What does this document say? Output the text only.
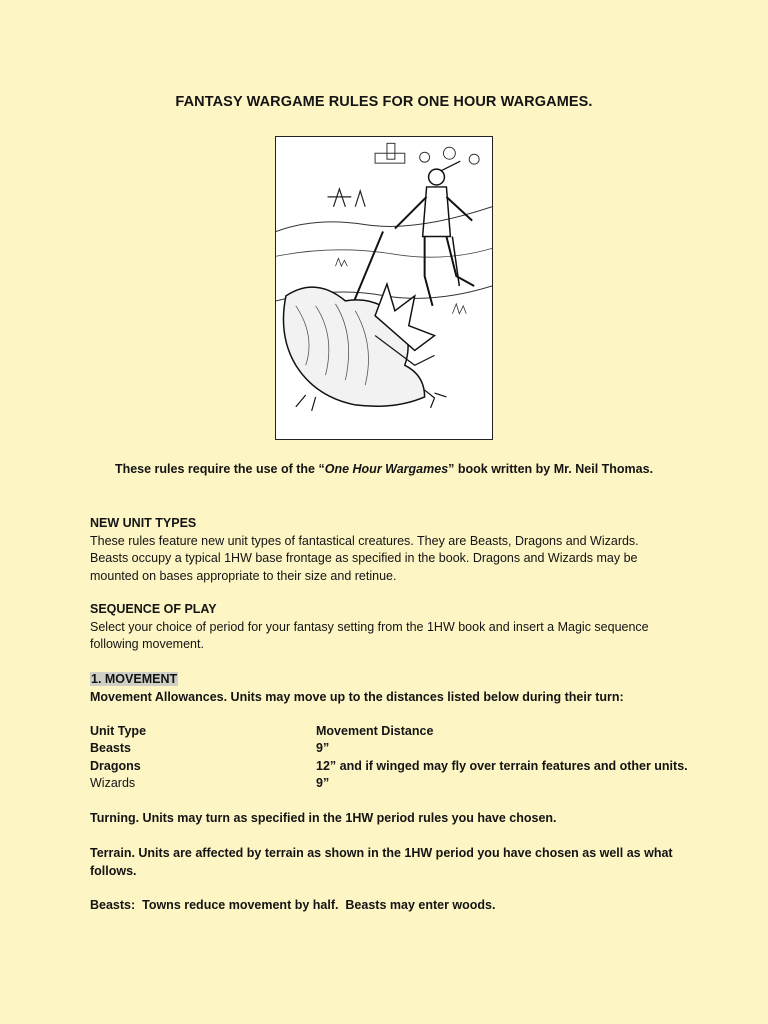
FANTASY WARGAME RULES FOR ONE HOUR WARGAMES.
These rules require the use of the “One Hour Wargames” book written by Mr. Neil Thomas.
NEW UNIT TYPES
These rules feature new unit types of fantastical creatures. They are Beasts, Dragons and Wizards.
Beasts occupy a typical 1HW base frontage as specified in the book. Dragons and Wizards may be
mounted on bases appropriate to their size and retinue.
SEQUENCE OF PLAY
Select your choice of period for your fantasy setting from the 1HW book and insert a Magic sequence
following movement.
1. MOVEMENT
Movement Allowances. Units may move up to the distances listed below during their turn:
Unit Type	Movement Distance
Beasts	9”
Dragons	12” and if winged may fly over terrain features and other units.
Wizards	9”
Turning. Units may turn as specified in the 1HW period rules you have chosen.
Terrain. Units are affected by terrain as shown in the 1HW period you have chosen as well as what
follows.
Beasts:  Towns reduce movement by half.  Beasts may enter woods.
